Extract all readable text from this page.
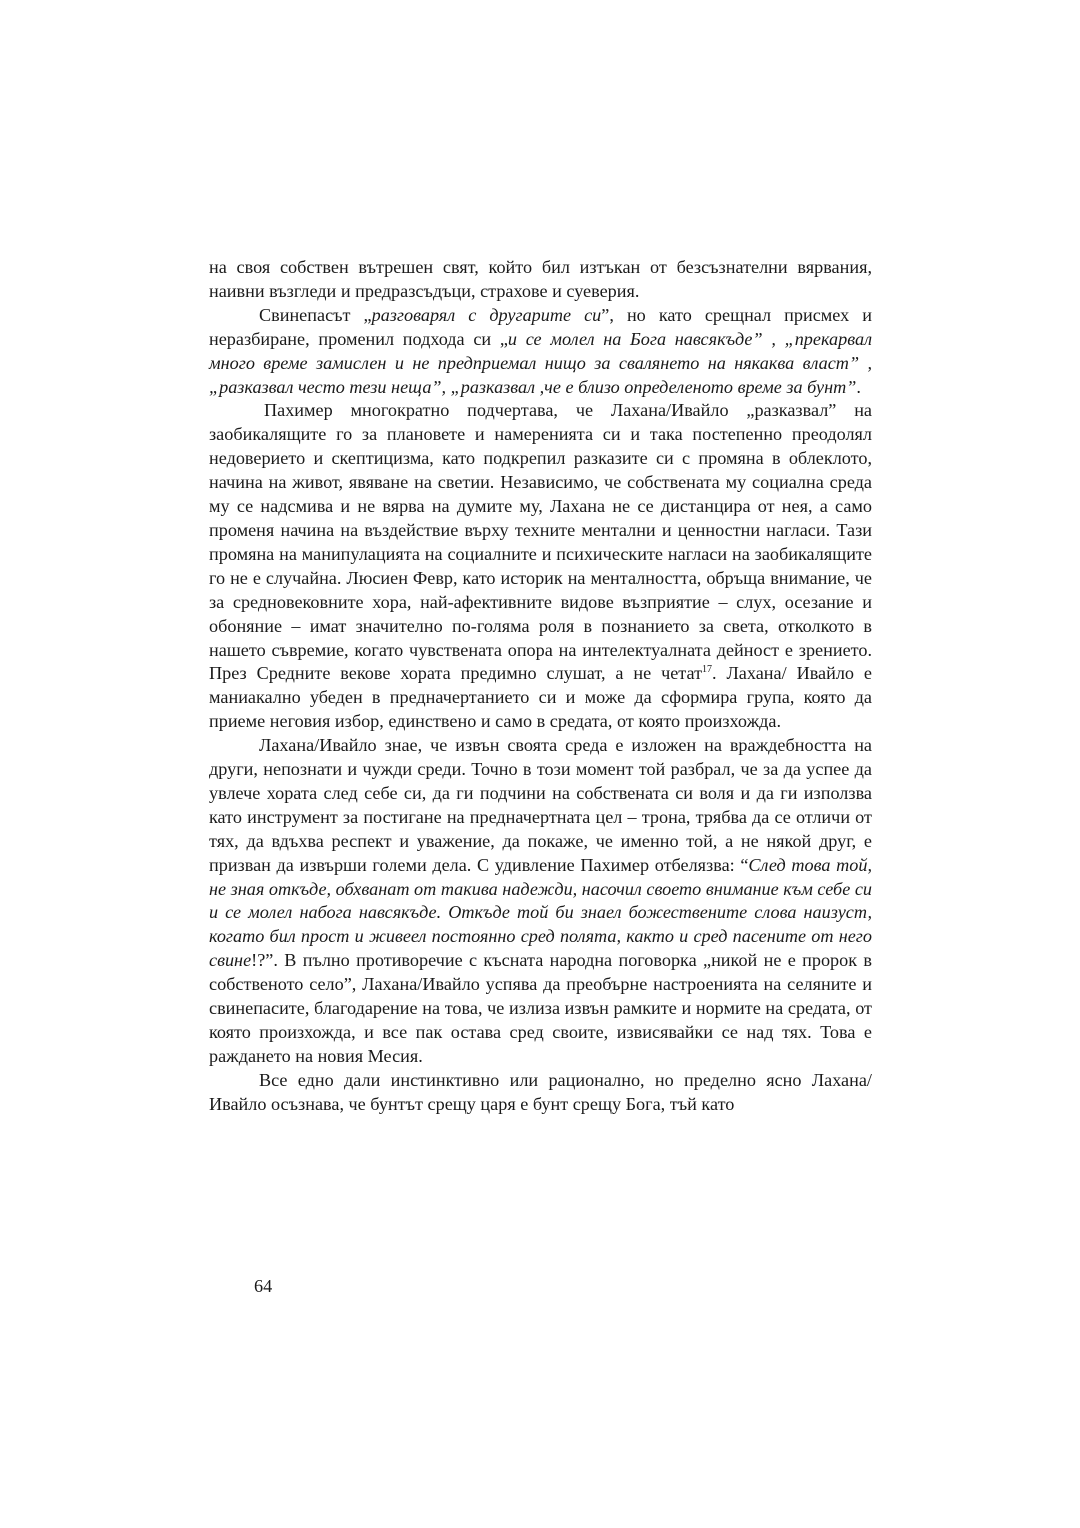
на своя собствен вътрешен свят, който бил изтъкан от безсъзнателни вярвания, наивни възгледи и предразсъдъци, страхове и суеверия.

Свинепасът „разговарял с другарите си”, но като срещнал присмех и неразбиране, променил подхода си „и се молел на Бога навсякъде” , „прекарвал много време замислен и не предприемал нищо за свалянето на някаква власт” , „разказвал често тези неща”, „разказвал ,че е близо определеното време за бунт”.

Пахимер многократно подчертава, че Лахана/Ивайло „разказвал” на заобикалящите го за плановете и намеренията си и така постепенно преодолял недоверието и скептицизма, като подкрепил разказите си с промяна в облеклото, начина на живот, явяване на светии. Независимо, че собствената му социална среда му се надсмива и не вярва на думите му, Лахана не се дистанцира от нея, а само променя начина на въздействие върху техните ментални и ценностни нагласи. Тази промяна на манипулацията на социалните и психическите нагласи на заобикалящите го не е случайна. Люсиен Февр, като историк на менталността, обръща внимание, че за средновековните хора, най-афективните видове възприятие – слух, осезание и обоняние – имат значително по-голяма роля в познанието за света, отколкото в нашето съвремие, когато чувствената опора на интелектуалната дейност е зрението. През Средните векове хората предимно слушат, а не четат$^{17}$. Лахана/ Ивайло е маниакално убеден в предначертанието си и може да сформира група, която да приеме неговия избор, единствено и само в средата, от която произхожда.

Лахана/Ивайло знае, че извън своята среда е изложен на враждебността на други, непознати и чужди среди. Точно в този момент той разбрал, че за да успее да увлече хората след себе си, да ги подчини на собствената си воля и да ги използва като инструмент за постигане на предначертната цел – трона, трябва да се отличи от тях, да вдъхва респект и уважение, да покаже, че именно той, а не някой друг, е призван да извърши големи дела. С удивление Пахимер отбелязва: “След това той, не зная откъде, обхванат от такива надежди, насочил своето внимание към себе си и се молел набога навсякъде. Откъде той би знаел божествените слова наизуст, когато бил прост и живеел постоянно сред полята, както и сред пасените от него свине!?”. В пълно противоречие с късната народна поговорка „никой не е пророк в собственото село”, Лахана/Ивайло успява да преобърне настроенията на селяните и свинепасите, благодарение на това, че излиза извън рамките и нормите на средата, от която произхожда, и все пак остава сред своите, извисявайки се над тях. Това е раждането на новия Месия.

Все едно дали инстинктивно или рационално, но пределно ясно Лахана/Ивайло осъзнава, че бунтът срещу царя е бунт срещу Бога, тъй като

64
